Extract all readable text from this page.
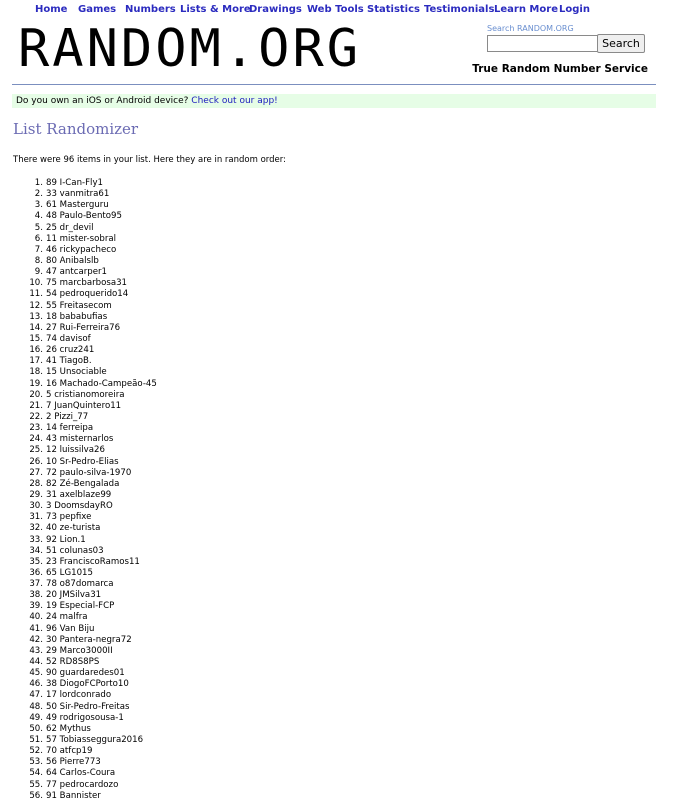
Home Games Numbers Lists & More
Drawings Web Tools Statistics Testimonials Learn More Login
RANDOM.ORG	Search RANDOM.ORG
Search
True Random Number Service
Do you own an iOS or Android device? Check out our app!
List Randomizer
There were 96 items in your list. Here they are in random order:
1. 89 I-Can-Fly1
2. 33 vanmitra61
3. 61 Masterguru
4. 48 Paulo-Bento95
5. 25 dr_devil
6. 11 mister-sobral
7. 46 rickypacheco
8. 80 Anibalslb
9. 47 antcarper1
10. 75 marcbarbosa31
11. 54 pedroquerido14
12. 55 Freitasecom
13. 18 bababufias
14. 27 Rui-Ferreira76
15. 74 davisof
16. 26 cruz241
17. 41 TiagoB.
18. 15 Unsociable
19. 16 Machado-Campeão-45
20. 5 cristianomoreira
21. 7 JuanQuintero11
22. 2 Pizzi_77
23. 14 ferreipa
24. 43 misternarlos
25. 12 luissilva26
26. 10 Sr-Pedro-Elias
27. 72 paulo-silva-1970
28. 82 Zé-Bengalada
29. 31 axelblaze99
30. 3 DoomsdayRO
31. 73 pepfixe
32. 40 ze-turista
33. 92 Lion.1
34. 51 colunas03
35. 23 FranciscoRamos11
36. 65 LG1015
37. 78 o87domarca
38. 20 JMSilva31
39. 19 Especial-FCP
40. 24 malfra
41. 96 Van Biju
42. 30 Pantera-negra72
43. 29 Marco3000II
44. 52 RD8S8PS
45. 90 guardaredes01
46. 38 DiogoFCPorto10
47. 17 lordconrado
48. 50 Sir-Pedro-Freitas
49. 49 rodrigosousa-1
50. 62 Mythus
51. 57 Tobiasseggura2016
52. 70 atfcp19
53. 56 Pierre773
54. 64 Carlos-Coura
55. 77 pedrocardozo
56. 91 Bannister
